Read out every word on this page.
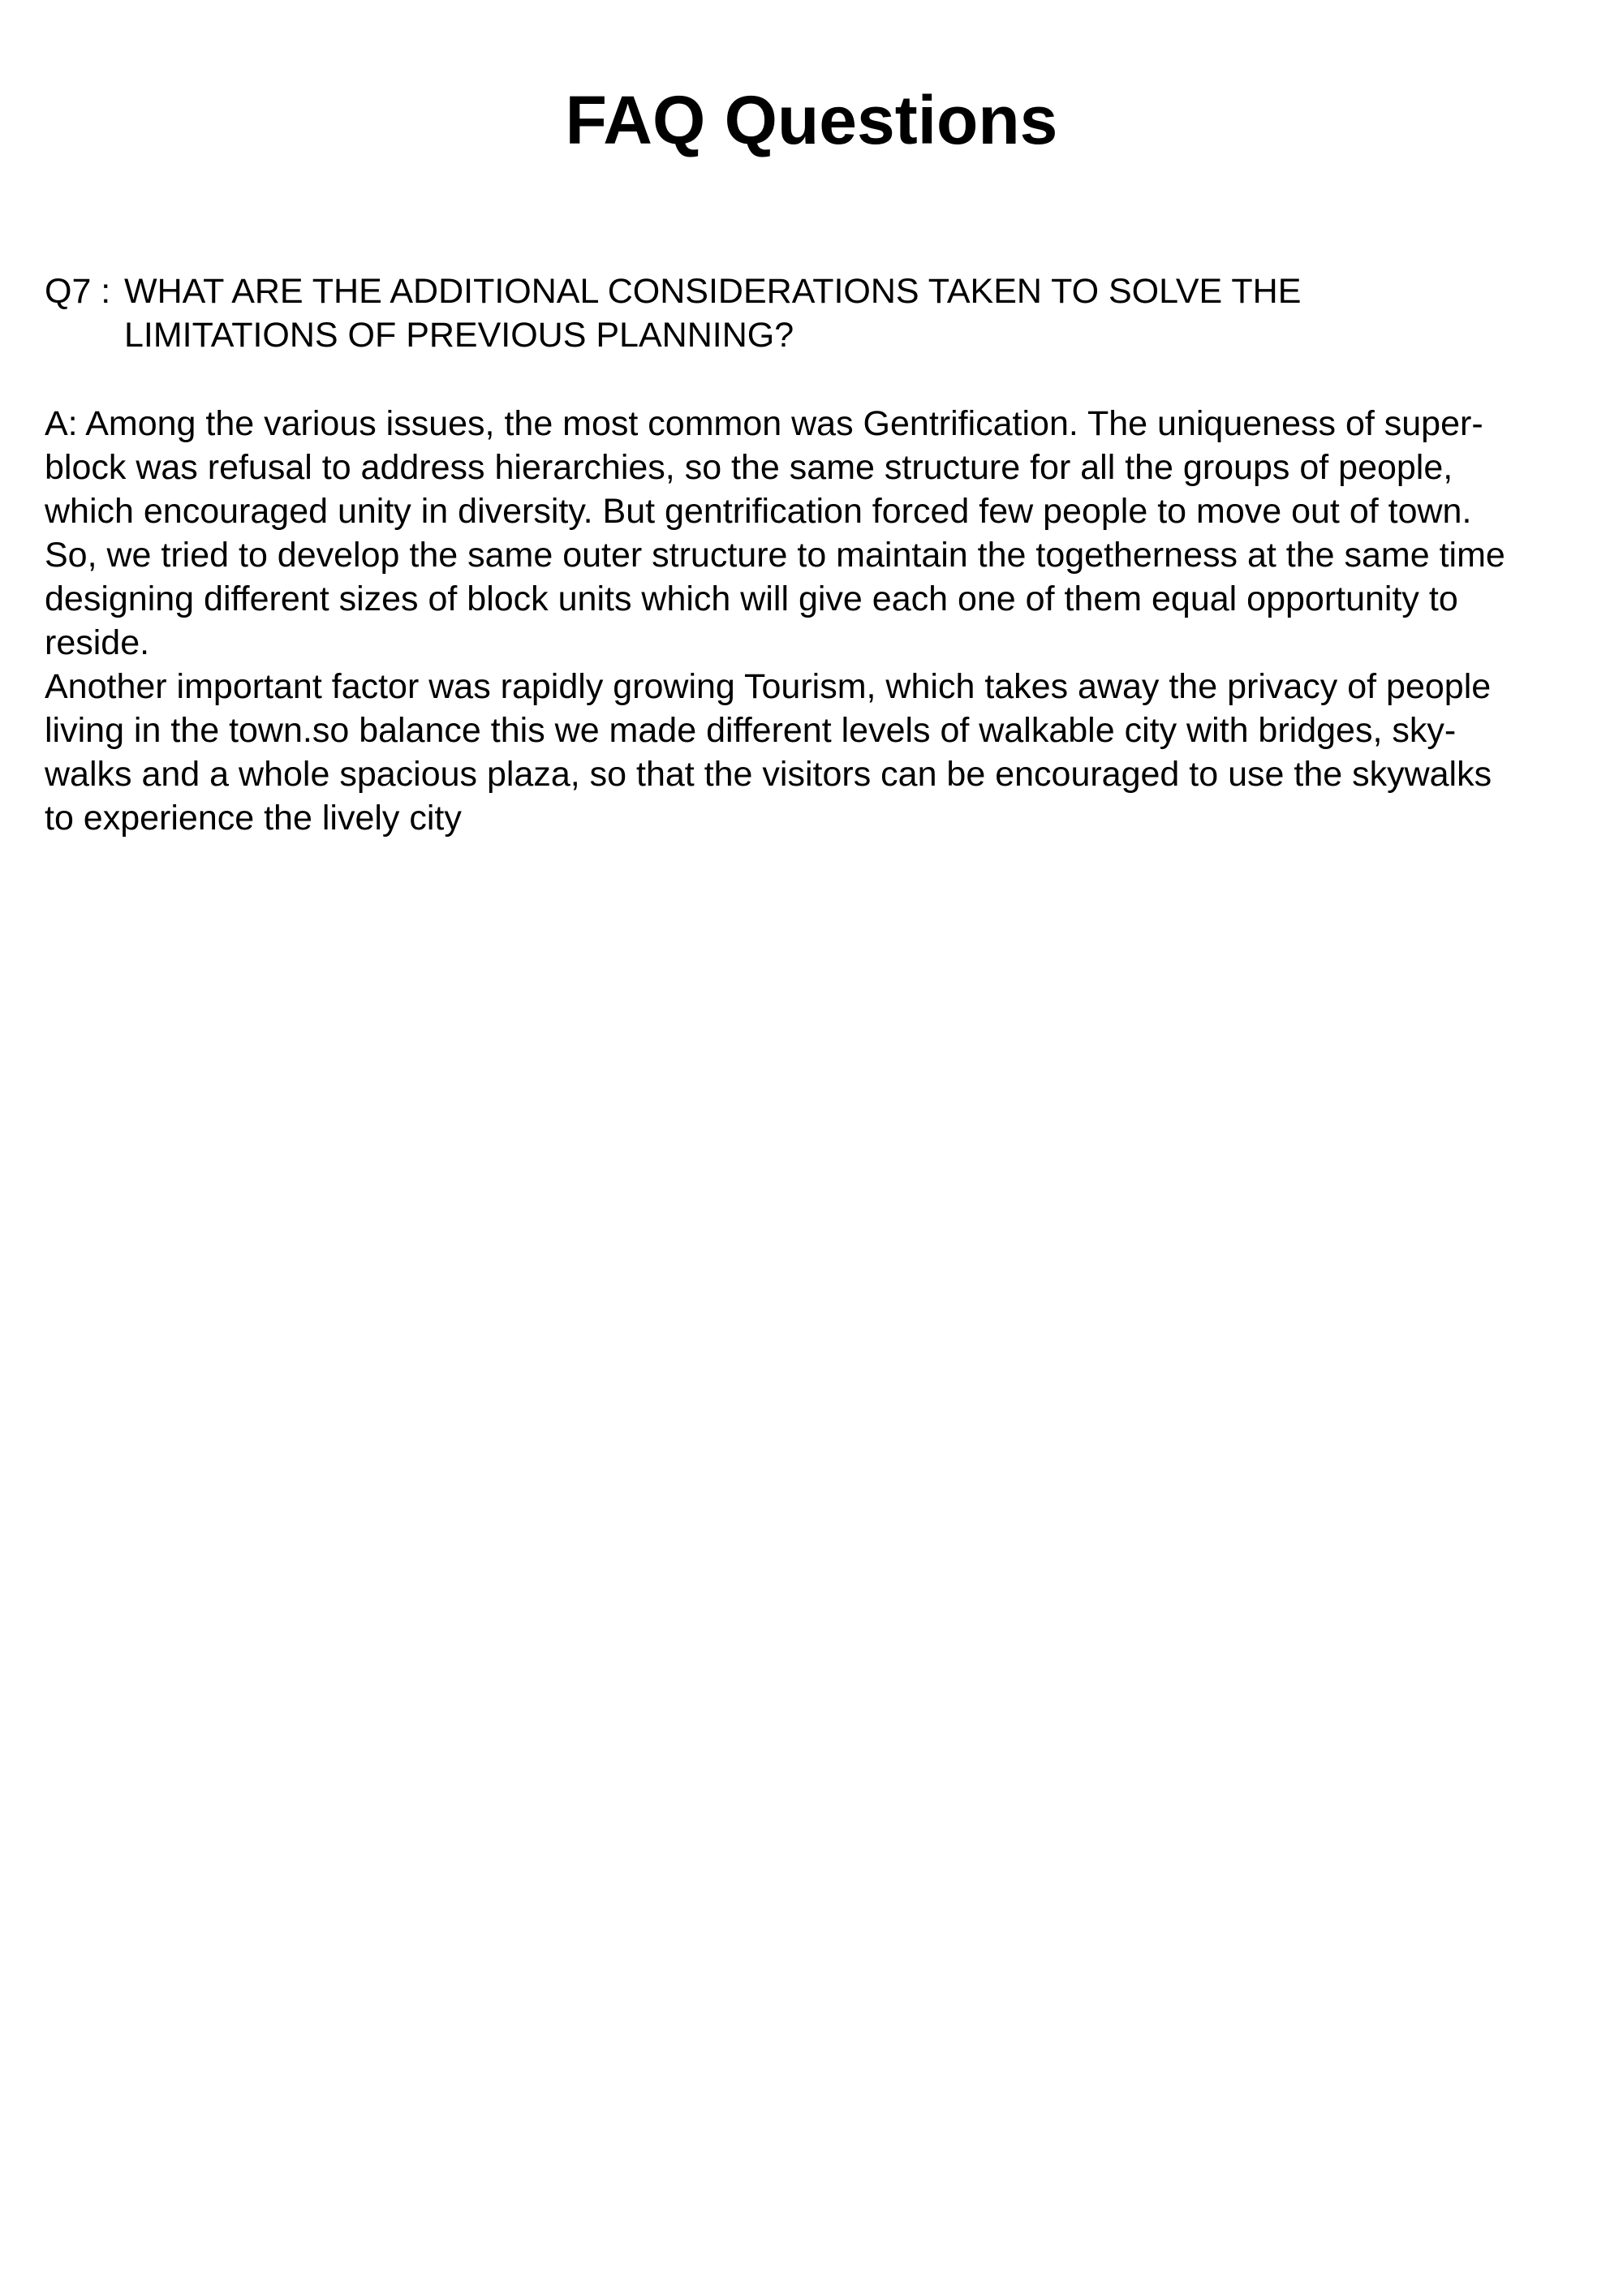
FAQ Questions
Q7 : WHAT ARE THE ADDITIONAL CONSIDERATIONS TAKEN TO SOLVE THE LIMITATIONS OF PREVIOUS PLANNING?
A: Among the various issues, the most common was Gentrification. The uniqueness of super-
block was refusal to address hierarchies, so the same structure for all the groups of people,
which encouraged unity in diversity. But gentrification forced few people to move out of town.
So, we tried to develop the same outer structure to maintain the togetherness at the same time
designing different sizes of block units which will give each one of them equal opportunity to
reside.
Another important factor was rapidly growing Tourism, which takes away the privacy of people
living in the town.so balance this we made different levels of walkable city with bridges, sky-
walks and a whole spacious plaza, so that the visitors can be encouraged to use the skywalks
to experience the lively city
